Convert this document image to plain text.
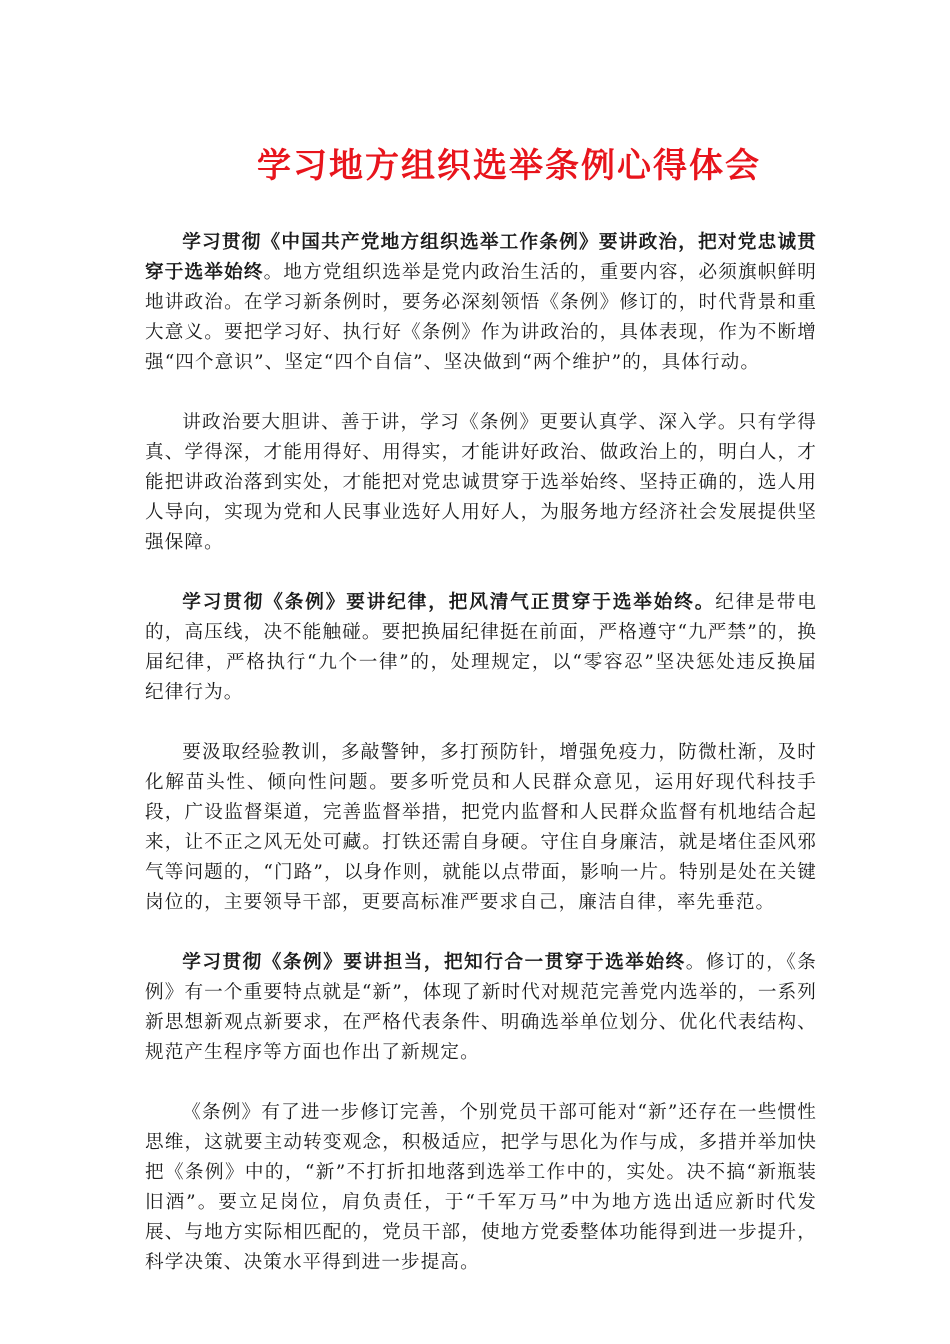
学习地方组织选举条例心得体会

学习贯彻《中国共产党地方组织选举工作条例》要讲政治，把对党忠诚贯穿于选举始终。地方党组织选举是党内政治生活的，重要内容，必须旗帜鲜明地讲政治。在学习新条例时，要务必深刻领悟《条例》修订的，时代背景和重大意义。要把学习好、执行好《条例》作为讲政治的，具体表现，作为不断增强“四个意识”、坚定“四个自信”、坚决做到“两个维护”的，具体行动。

讲政治要大胆讲、善于讲，学习《条例》更要认真学、深入学。只有学得真、学得深，才能用得好、用得实，才能讲好政治、做政治上的，明白人，才能把讲政治落到实处，才能把对党忠诚贯穿于选举始终、坚持正确的，选人用人导向，实现为党和人民事业选好人用好人，为服务地方经济社会发展提供坚强保障。

学习贯彻《条例》要讲纪律，把风清气正贯穿于选举始终。纪律是带电的，高压线，决不能触碰。要把换届纪律挺在前面，严格遵守“九严禁”的，换届纪律，严格执行“九个一律”的，处理规定，以“零容忍”坚决惩处违反换届纪律行为。

要汲取经验教训，多敲警钟，多打预防针，增强免疫力，防微杜渐，及时化解苗头性、倾向性问题。要多听党员和人民群众意见，运用好现代科技手段，广设监督渠道，完善监督举措，把党内监督和人民群众监督有机地结合起来，让不正之风无处可藏。打铁还需自身硬。守住自身廉洁，就是堵住歪风邪气等问题的，“门路”，以身作则，就能以点带面，影响一片。特别是处在关键岗位的，主要领导干部，更要高标准严要求自己，廉洁自律，率先垂范。

学习贯彻《条例》要讲担当，把知行合一贯穿于选举始终。修订的，《条例》有一个重要特点就是“新”，体现了新时代对规范完善党内选举的，一系列新思想新观点新要求，在严格代表条件、明确选举单位划分、优化代表结构、规范产生程序等方面也作出了新规定。

《条例》有了进一步修订完善，个别党员干部可能对“新”还存在一些惯性思维，这就要主动转变观念，积极适应，把学与思化为作与成，多措并举加快把《条例》中的，“新”不打折扣地落到选举工作中的，实处。决不搞“新瓶装旧酒”。要立足岗位，肩负责任，于“千军万马”中为地方选出适应新时代发展、与地方实际相匹配的，党员干部，使地方党委整体功能得到进一步提升，科学决策、决策水平得到进一步提高。
